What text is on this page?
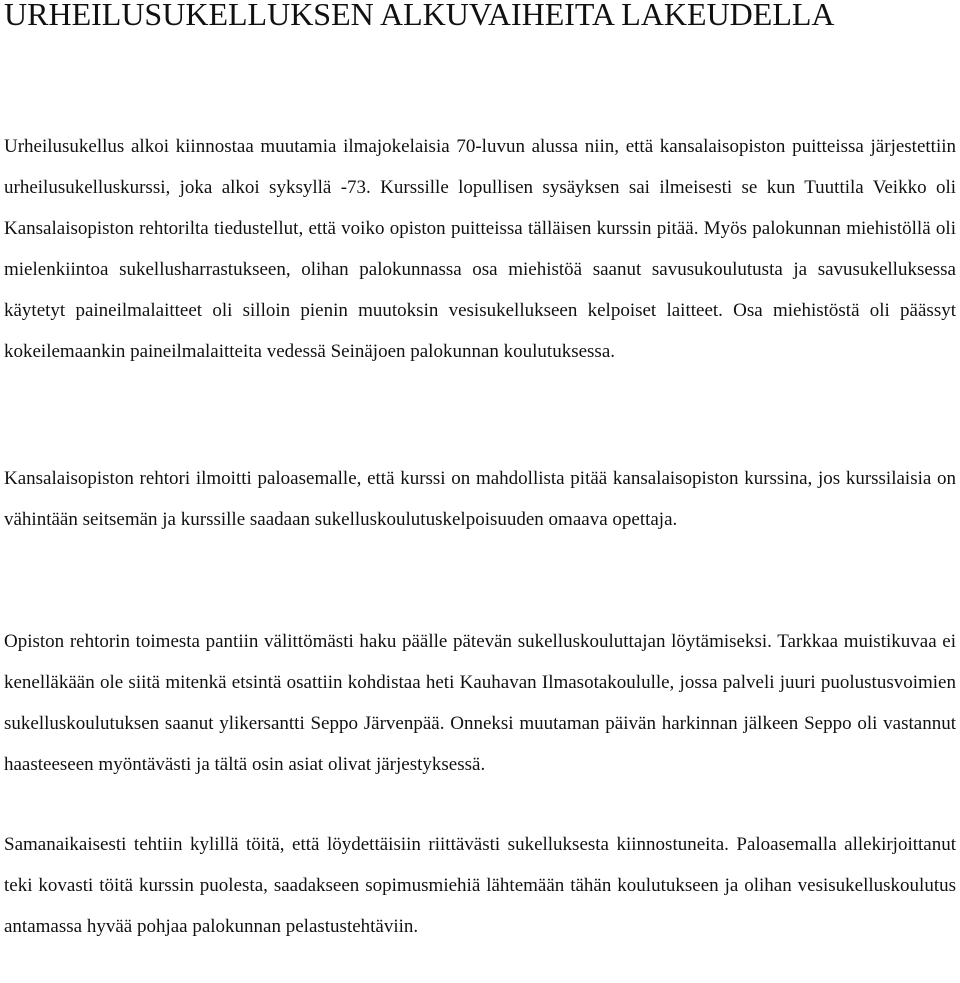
URHEILUSUKELLUKSEN ALKUVAIHEITA LAKEUDELLA

Urheilusukellus alkoi kiinnostaa muutamia ilmajokelaisia 70-luvun alussa niin, että kansalaisopiston puitteissa järjestettiin urheilusukelluskurssi, joka alkoi syksyllä -73. Kurssille lopullisen sysäyksen sai ilmeisesti se kun Tuuttila Veikko oli Kansalaisopiston rehtorilta tiedustellut, että voiko opiston puitteissa tälläisen kurssin pitää. Myös palokunnan miehistöllä oli mielenkiintoa sukellusharrastukseen, olihan palokunnassa osa miehistöä saanut savusukoulutusta ja savusukelluksessa käytetyt paineilmalaitteet oli silloin pienin muutoksin vesisukellukseen kelpoiset laitteet. Osa miehistöstä oli päässyt kokeilemaankin paineilmalaitteita vedessä Seinäjoen palokunnan koulutuksessa.

Kansalaisopiston rehtori ilmoitti paloasemalle, että kurssi on mahdollista pitää kansalaisopiston kurssina, jos kurssilaisia on vähintään seitsemän ja kurssille saadaan sukelluskoulutuskelpoisuuden omaava opettaja.

Opiston rehtorin toimesta pantiin välittömästi haku päälle pätevän sukelluskouluttajan löytämiseksi. Tarkkaa muistikuvaa ei kenelläkään ole siitä mitenkä etsintä osattiin kohdistaa heti Kauhavan Ilmasotakoululle, jossa palveli juuri puolustusvoimien sukelluskoulutuksen saanut ylikersantti Seppo Järvenpää. Onneksi muutaman päivän harkinnan jälkeen Seppo oli vastannut haasteeseen myöntävästi ja tältä osin asiat olivat järjestyksessä.

Samanaikaisesti tehtiin kylillä töitä, että löydettäisiin riittävästi sukelluksesta kiinnostuneita. Paloasemalla allekirjoittanut teki kovasti töitä kurssin puolesta, saadakseen sopimusmiehiä lähtemään tähän koulutukseen ja olihan vesisukelluskoulutus antamassa hyvää pohjaa palokunnan pelastustehtäviin.
